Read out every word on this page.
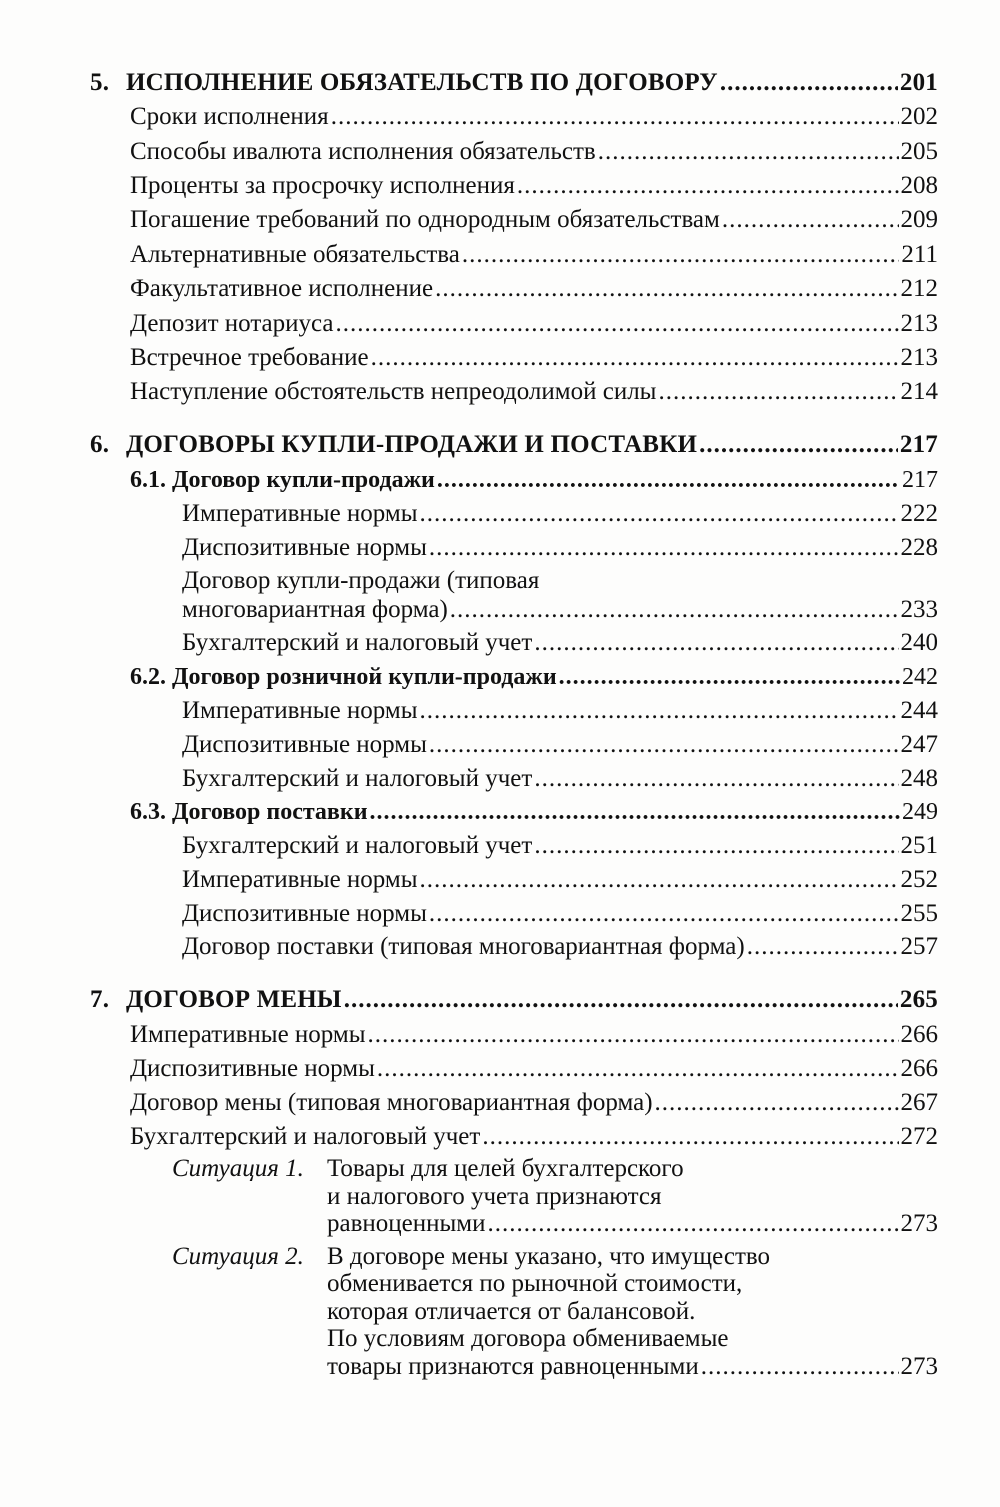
5. ИСПОЛНЕНИЕ ОБЯЗАТЕЛЬСТВ ПО ДОГОВОРУ .....	201
Сроки исполнения .....	202
Способы ивалюта исполнения обязательств .....	205
Проценты за просрочку исполнения .....	208
Погашение требований по однородным обязательствам .....	209
Альтернативные обязательства .....	211
Факультативное исполнение .....	212
Депозит нотариуса .....	213
Встречное требование .....	213
Наступление обстоятельств непреодолимой силы .....	214
6. ДОГОВОРЫ КУПЛИ-ПРОДАЖИ И ПОСТАВКИ .....	217
6.1. Договор купли-продажи .....	217
Императивные нормы .....	222
Диспозитивные нормы .....	228
Договор купли-продажи (типовая
многовариантная форма) .....	233
Бухгалтерский и налоговый учет .....	240
6.2. Договор розничной купли-продажи .....	242
Императивные нормы .....	244
Диспозитивные нормы .....	247
Бухгалтерский и налоговый учет .....	248
6.3. Договор поставки .....	249
Бухгалтерский и налоговый учет .....	251
Императивные нормы .....	252
Диспозитивные нормы .....	255
Договор поставки (типовая многовариантная форма) .....	257
7. ДОГОВОР МЕНЫ .....	265
Императивные нормы .....	266
Диспозитивные нормы .....	266
Договор мены (типовая многовариантная форма) .....	267
Бухгалтерский и налоговый учет .....	272
Ситуация 1. Товары для целей бухгалтерского
и налогового учета признаются
равноценными .....	273
Ситуация 2. В договоре мены указано, что имущество
обменивается по рыночной стоимости,
которая отличается от балансовой.
По условиям договора обмениваемые
товары признаются равноценными .....	273
